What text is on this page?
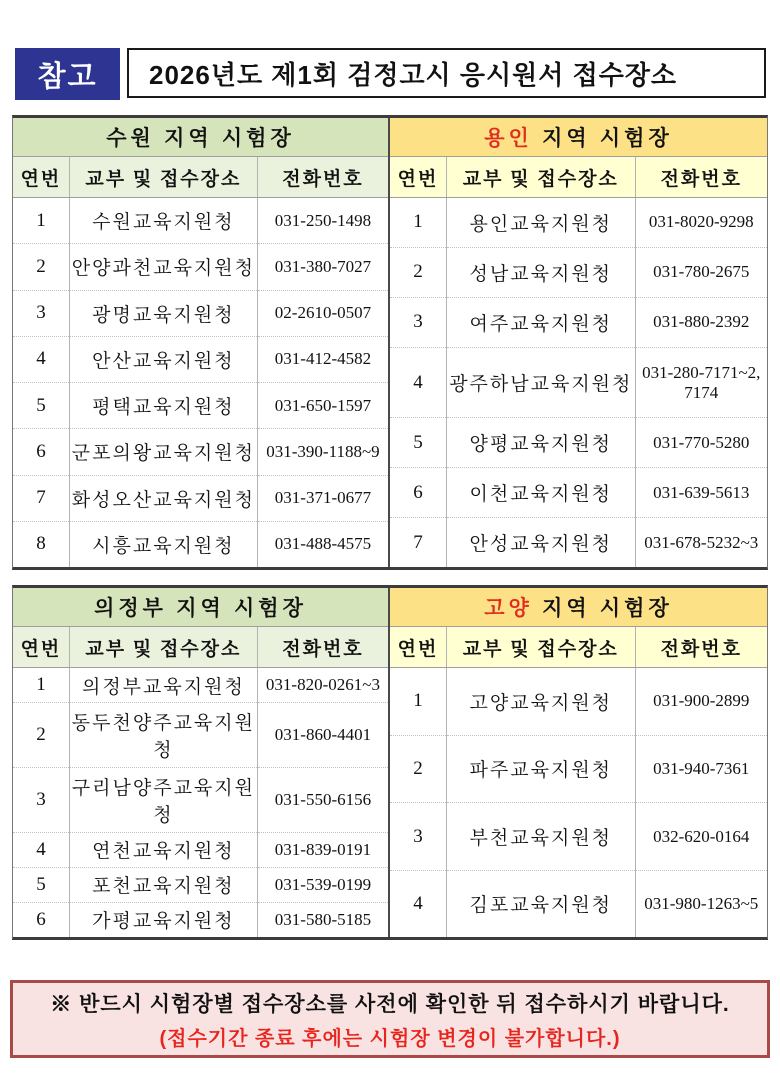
참고	2026년도 제1회 검정고시 응시원서 접수장소
수원 지역 시험장		
연번	교부 및 접수장소	전화번호
1	수원교육지원청	031-250-1498
2	안양과천교육지원청	031-380-7027
3	광명교육지원청	02-2610-0507
4	안산교육지원청	031-412-4582
5	평택교육지원청	031-650-1597
6	군포의왕교육지원청	031-390-1188~9
7	화성오산교육지원청	031-371-0677
8	시흥교육지원청	031-488-4575
용인 지역 시험장		
연번	교부 및 접수장소	전화번호
1	용인교육지원청	031-8020-9298
2	성남교육지원청	031-780-2675
3	여주교육지원청	031-880-2392
4	광주하남교육지원청	031-280-7171~2, 7174
5	양평교육지원청	031-770-5280
6	이천교육지원청	031-639-5613
7	안성교육지원청	031-678-5232~3
의정부 지역 시험장		
연번	교부 및 접수장소	전화번호
1	의정부교육지원청	031-820-0261~3
2	동두천양주교육지원청	031-860-4401
3	구리남양주교육지원청	031-550-6156
4	연천교육지원청	031-839-0191
5	포천교육지원청	031-539-0199
6	가평교육지원청	031-580-5185
고양 지역 시험장		
연번	교부 및 접수장소	전화번호
1	고양교육지원청	031-900-2899
2	파주교육지원청	031-940-7361
3	부천교육지원청	032-620-0164
4	김포교육지원청	031-980-1263~5
※ 반드시 시험장별 접수장소를 사전에 확인한 뒤 접수하시기 바랍니다.
(접수기간 종료 후에는 시험장 변경이 불가합니다.)
